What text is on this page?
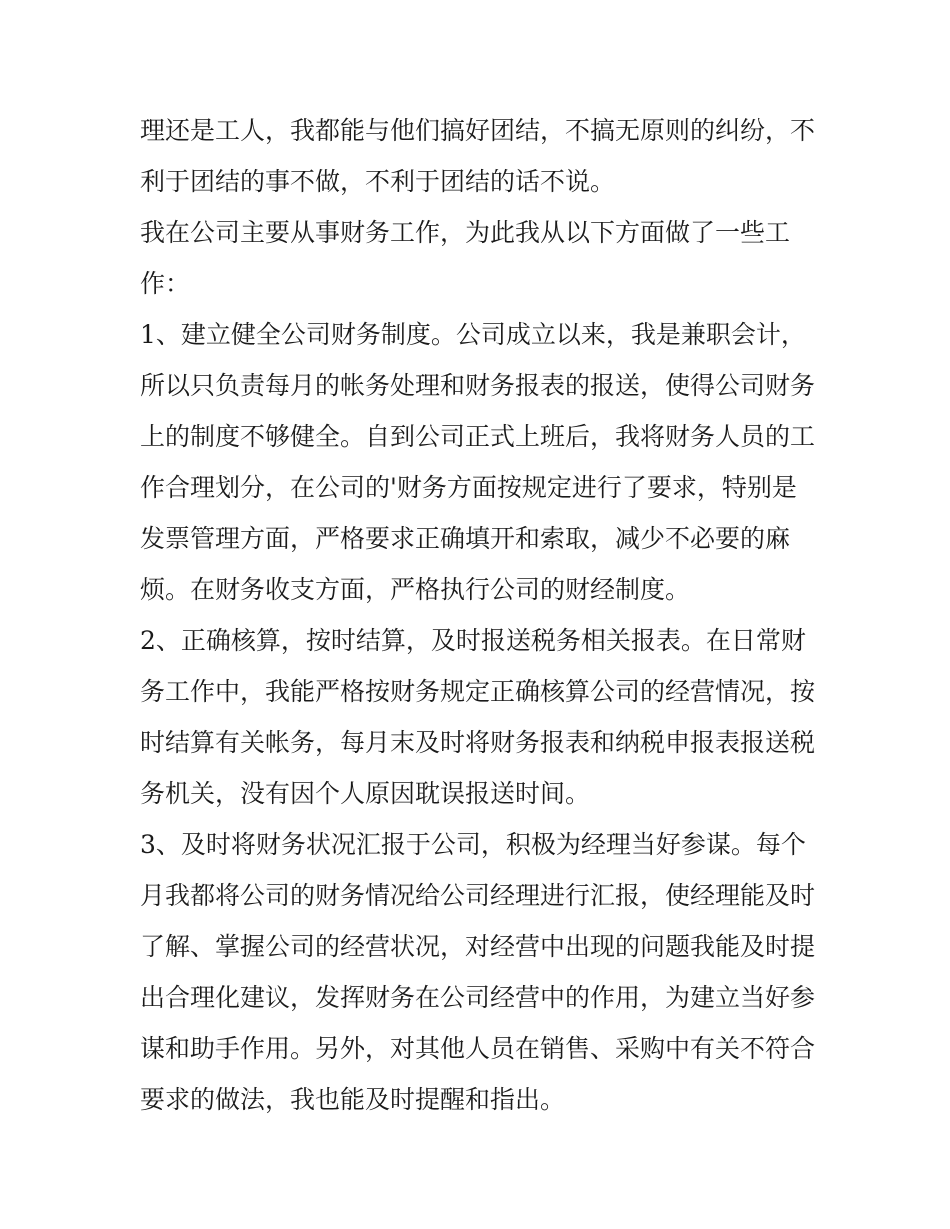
理还是工人，我都能与他们搞好团结，不搞无原则的纠纷，不
利于团结的事不做，不利于团结的话不说。
我在公司主要从事财务工作，为此我从以下方面做了一些工
作：
1、建立健全公司财务制度。公司成立以来，我是兼职会计，
所以只负责每月的帐务处理和财务报表的报送，使得公司财务
上的制度不够健全。自到公司正式上班后，我将财务人员的工
作合理划分，在公司的'财务方面按规定进行了要求，特别是
发票管理方面，严格要求正确填开和索取，减少不必要的麻
烦。在财务收支方面，严格执行公司的财经制度。
2、正确核算，按时结算，及时报送税务相关报表。在日常财
务工作中，我能严格按财务规定正确核算公司的经营情况，按
时结算有关帐务，每月末及时将财务报表和纳税申报表报送税
务机关，没有因个人原因耽误报送时间。
3、及时将财务状况汇报于公司，积极为经理当好参谋。每个
月我都将公司的财务情况给公司经理进行汇报，使经理能及时
了解、掌握公司的经营状况，对经营中出现的问题我能及时提
出合理化建议，发挥财务在公司经营中的作用，为建立当好参
谋和助手作用。另外，对其他人员在销售、采购中有关不符合
要求的做法，我也能及时提醒和指出。
